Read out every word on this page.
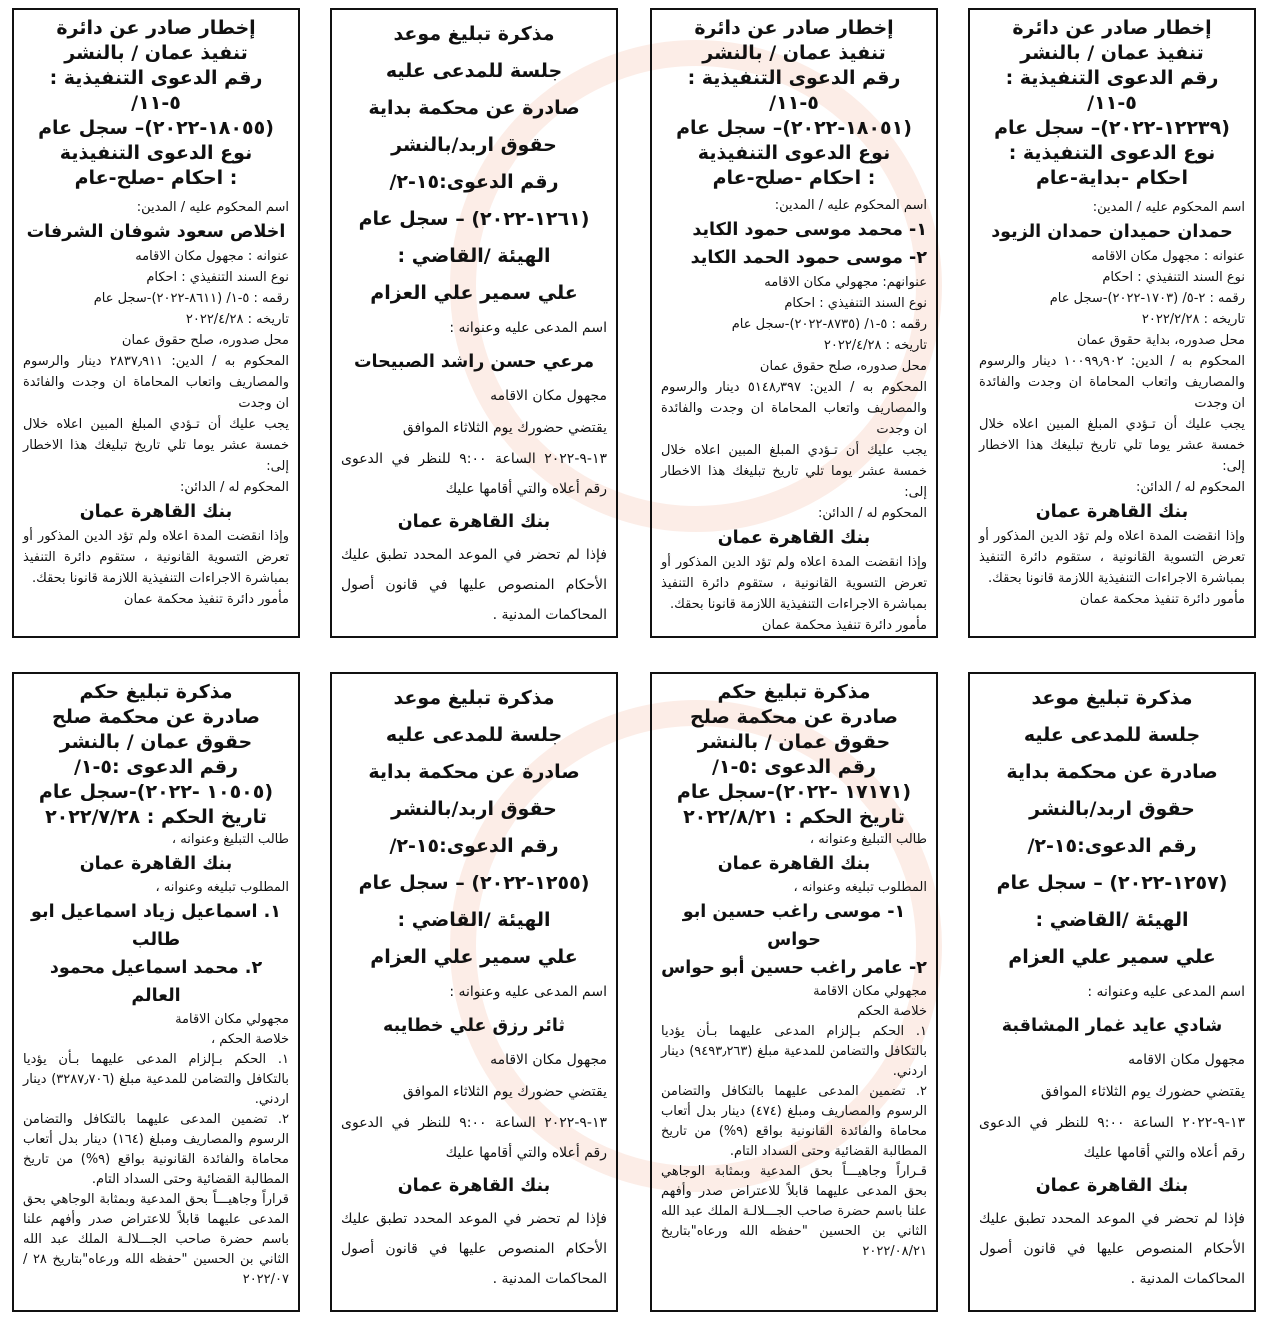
إخطار صادر عن دائرة
تنفيذ عمان / بالنشر
رقم الدعوى التنفيذية : ٥-١١/
(١٢٢٣٩-٢٠٢٢)– سجل عام
نوع الدعوى التنفيذية :
احكام -بداية-عام
اسم المحكوم عليه / المدين:
حمدان حميدان حمدان الزيود
عنوانه : مجهول مكان الاقامه
نوع السند التنفيذي : احكام
رقمه : ٢-٥/ (١٧٠٣-٢٠٢٢)-سجل عام
تاريخه : ٢٠٢٢/٢/٢٨
محل صدوره، بداية حقوق عمان
المحكوم به / الدين: ١٠٠٩٩٫٩٠٢ دينار والرسوم والمصاريف واتعاب المحاماة ان وجدت والفائدة ان وجدت
يجب عليك أن تـؤدي المبلغ المبين اعلاه خلال خمسة عشر يوما تلي تاريخ تبليغك هذا الاخطار إلى:
المحكوم له / الدائن:
بنك القاهرة عمان
وإذا انقضت المدة اعلاه ولم تؤد الدين المذكور أو تعرض التسوية القانونية ، ستقوم دائرة التنفيذ بمباشرة الاجراءات التنفيذية اللازمة قانونا بحقك.
مأمور دائرة تنفيذ محكمة عمان
إخطار صادر عن دائرة
تنفيذ عمان / بالنشر
رقم الدعوى التنفيذية : ٥-١١/
(١٨٠٥١-٢٠٢٢)– سجل عام
نوع الدعوى التنفيذية
: احكام -صلح-عام
اسم المحكوم عليه / المدين:
١- محمد موسى حمود الكايد
٢- موسى حمود الحمد الكايد
عنوانهم: مجهولي مكان الاقامه
نوع السند التنفيذي : احكام
رقمه : ٥-١/ (٨٧٣٥-٢٠٢٢)-سجل عام
تاريخه : ٢٠٢٢/٤/٢٨
محل صدوره، صلح حقوق عمان
المحكوم به / الدين: ٥١٤٨٫٣٩٧ دينار والرسوم والمصاريف واتعاب المحاماة ان وجدت والفائدة ان وجدت
يجب عليك أن تـؤدي المبلغ المبين اعلاه خلال خمسة عشر يوما تلي تاريخ تبليغك هذا الاخطار إلى:
المحكوم له / الدائن:
بنك القاهرة عمان
وإذا انقضت المدة اعلاه ولم تؤد الدين المذكور أو تعرض التسوية القانونية ، ستقوم دائرة التنفيذ بمباشرة الاجراءات التنفيذية اللازمة قانونا بحقك.
مأمور دائرة تنفيذ محكمة عمان
مذكرة تبليغ موعد
جلسة للمدعى عليه
صادرة عن محكمة بداية
حقوق اربد/بالنشر
رقم الدعوى:١٥-٢/
(١٢٦١-٢٠٢٢) – سجل عام
الهيئة /القاضي :
علي سمير علي العزام
اسم المدعى عليه وعنوانه :
مرعي حسن راشد الصبيحات
مجهول مكان الاقامه
يقتضي حضورك يوم الثلاثاء الموافق
١٣-٩-٢٠٢٢ الساعة ٩:٠٠ للنظر في الدعوى رقم أعلاه والتي أقامها عليك
بنك القاهرة عمان
فإذا لم تحضر في الموعد المحدد تطبق عليك الأحكام المنصوص عليها في قانون أصول المحاكمات المدنية .
إخطار صادر عن دائرة
تنفيذ عمان / بالنشر
رقم الدعوى التنفيذية : ٥-١١/
(١٨٠٥٥-٢٠٢٢)– سجل عام
نوع الدعوى التنفيذية
: احكام -صلح-عام
اسم المحكوم عليه / المدين:
اخلاص سعود شوفان الشرفات
عنوانه : مجهول مكان الاقامه
نوع السند التنفيذي : احكام
رقمه : ٥-١/ (٨٦١١-٢٠٢٢)-سجل عام
تاريخه : ٢٠٢٢/٤/٢٨
محل صدوره، صلح حقوق عمان
المحكوم به / الدين: ٢٨٣٧٫٩١١ دينار والرسوم والمصاريف واتعاب المحاماة ان وجدت والفائدة ان وجدت
يجب عليك أن تـؤدي المبلغ المبين اعلاه خلال خمسة عشر يوما تلي تاريخ تبليغك هذا الاخطار إلى:
المحكوم له / الدائن:
بنك القاهرة عمان
وإذا انقضت المدة اعلاه ولم تؤد الدين المذكور أو تعرض التسوية القانونية ، ستقوم دائرة التنفيذ بمباشرة الاجراءات التنفيذية اللازمة قانونا بحقك.
مأمور دائرة تنفيذ محكمة عمان
مذكرة تبليغ موعد
جلسة للمدعى عليه
صادرة عن محكمة بداية
حقوق اربد/بالنشر
رقم الدعوى:١٥-٢/
(١٢٥٧-٢٠٢٢) – سجل عام
الهيئة /القاضي :
علي سمير علي العزام
اسم المدعى عليه وعنوانه :
شادي عايد غمار المشاقبة
مجهول مكان الاقامه
يقتضي حضورك يوم الثلاثاء الموافق
١٣-٩-٢٠٢٢ الساعة ٩:٠٠ للنظر في الدعوى رقم أعلاه والتي أقامها عليك
بنك القاهرة عمان
فإذا لم تحضر في الموعد المحدد تطبق عليك الأحكام المنصوص عليها في قانون أصول المحاكمات المدنية .
مذكرة تبليغ حكم
صادرة عن محكمة صلح
حقوق عمان / بالنشر
رقم الدعوى :٥-١/
(١٧١٧١ -٢٠٢٢)-سجل عام
تاريخ الحكم : ٢٠٢٢/٨/٢١
طالب التبليغ وعنوانه ،
بنك القاهرة عمان
المطلوب تبليغه وعنوانه ،
١- موسى راغب حسين ابو حواس
٢- عامر راغب حسين أبو حواس
مجهولي مكان الاقامة
خلاصة الحكم
١. الحكم بـإلزام المدعى عليهما بـأن يؤديا بالتكافل والتضامن للمدعية مبلغ (٩٤٩٣٫٢٦٣) دينار اردني.
٢. تضمين المدعى عليهما بالتكافل والتضامن الرسوم والمصاريف ومبلغ (٤٧٤) دينار بدل أتعاب محاماة والفائدة القانونية بواقع (٩%) من تاريخ المطالبة القضائية وحتى السداد التام.
قـراراً وجاهيـــاً بحق المدعية وبمثابة الوجاهي بحق المدعى عليهما قابلاً للاعتراض صدر وأفهم علنا باسم حضرة صاحب الجـــلالـة الملك عبد الله الثاني بن الحسين "حفظه الله ورعاه"بتاريخ ٢٠٢٢/٠٨/٢١
مذكرة تبليغ موعد
جلسة للمدعى عليه
صادرة عن محكمة بداية
حقوق اربد/بالنشر
رقم الدعوى:١٥-٢/
(١٢٥٥-٢٠٢٢) – سجل عام
الهيئة /القاضي :
علي سمير علي العزام
اسم المدعى عليه وعنوانه :
ثائر رزق علي خطايبه
مجهول مكان الاقامه
يقتضي حضورك يوم الثلاثاء الموافق
١٣-٩-٢٠٢٢ الساعة ٩:٠٠ للنظر في الدعوى رقم أعلاه والتي أقامها عليك
بنك القاهرة عمان
فإذا لم تحضر في الموعد المحدد تطبق عليك الأحكام المنصوص عليها في قانون أصول المحاكمات المدنية .
مذكرة تبليغ حكم
صادرة عن محكمة صلح
حقوق عمان / بالنشر
رقم الدعوى :٥-١/
(١٠٥٠٥ -٢٠٢٢)-سجل عام
تاريخ الحكم : ٢٠٢٢/٧/٢٨
طالب التبليغ وعنوانه ،
بنك القاهرة عمان
المطلوب تبليغه وعنوانه ،
١. اسماعيل زياد اسماعيل ابو طالب
٢. محمد اسماعيل محمود العالم
مجهولي مكان الاقامة
خلاصة الحكم ،
١. الحكم بـإلزام المدعى عليهما بـأن يؤديا بالتكافل والتضامن للمدعية مبلغ (٣٢٨٧٫٧٠٦) دينار اردني.
٢. تضمين المدعى عليهما بالتكافل والتضامن الرسوم والمصاريف ومبلغ (١٦٤) دينار بدل أتعاب محاماة والفائدة القانونية بواقع (٩%) من تاريخ المطالبة القضائية وحتى السداد التام.
قراراً وجاهيـــاً بحق المدعية وبمثابة الوجاهي بحق المدعى عليهما قابلاً للاعتراض صدر وأفهم علنا باسم حضرة صاحب الجـــلالـة الملك عبد الله الثاني بن الحسين "حفظه الله ورعاه"بتاريخ ٢٨ /٢٠٢٢/٠٧
